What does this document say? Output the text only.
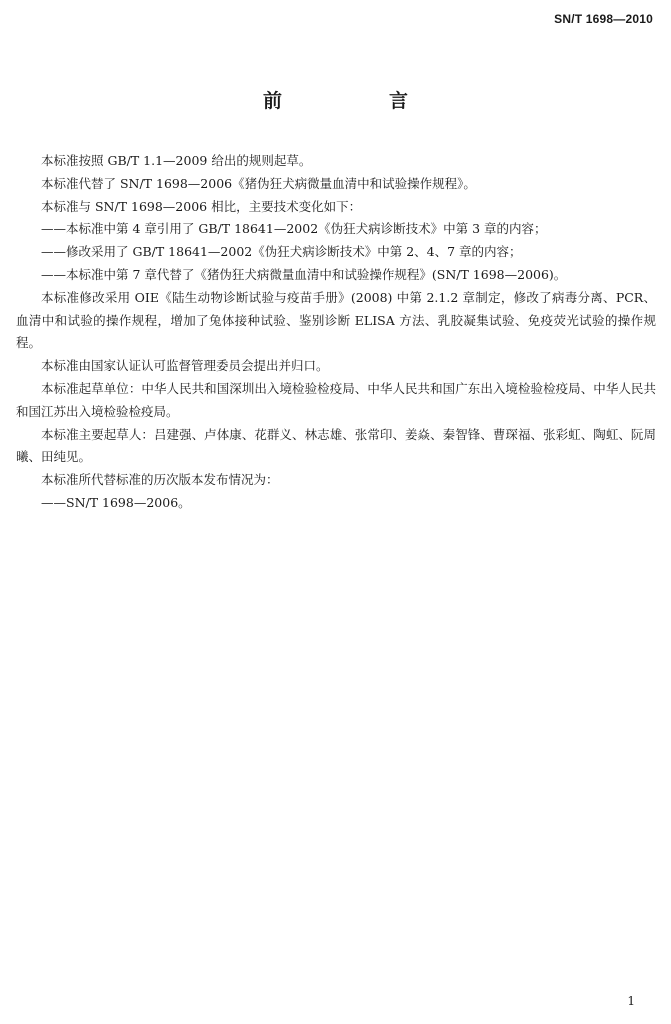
SN/T 1698—2010
前　言

本标准按照 GB/T 1.1—2009 给出的规则起草。

本标准代替了 SN/T 1698—2006《猪伪狂犬病微量血清中和试验操作规程》。

本标准与 SN/T 1698—2006 相比，主要技术变化如下：

——本标准中第 4 章引用了 GB/T 18641—2002《伪狂犬病诊断技术》中第 3 章的内容；

——修改采用了 GB/T 18641—2002《伪狂犬病诊断技术》中第 2、4、7 章的内容；

——本标准中第 7 章代替了《猪伪狂犬病微量血清中和试验操作规程》(SN/T 1698—2006)。

本标准修改采用 OIE《陆生动物诊断试验与疫苗手册》(2008) 中第 2.1.2 章制定，修改了病毒分离、PCR、血清中和试验的操作规程，增加了兔体接种试验、鉴别诊断 ELISA 方法、乳胶凝集试验、免疫荧光试验的操作规程。

本标准由国家认证认可监督管理委员会提出并归口。

本标准起草单位：中华人民共和国深圳出入境检验检疫局、中华人民共和国广东出入境检验检疫局、中华人民共和国江苏出入境检验检疫局。

本标准主要起草人：吕建强、卢体康、花群义、林志雄、张常印、姜焱、秦智锋、曹琛福、张彩虹、陶虹、阮周曦、田纯见。

本标准所代替标准的历次版本发布情况为：

——SN/T 1698—2006。

1
